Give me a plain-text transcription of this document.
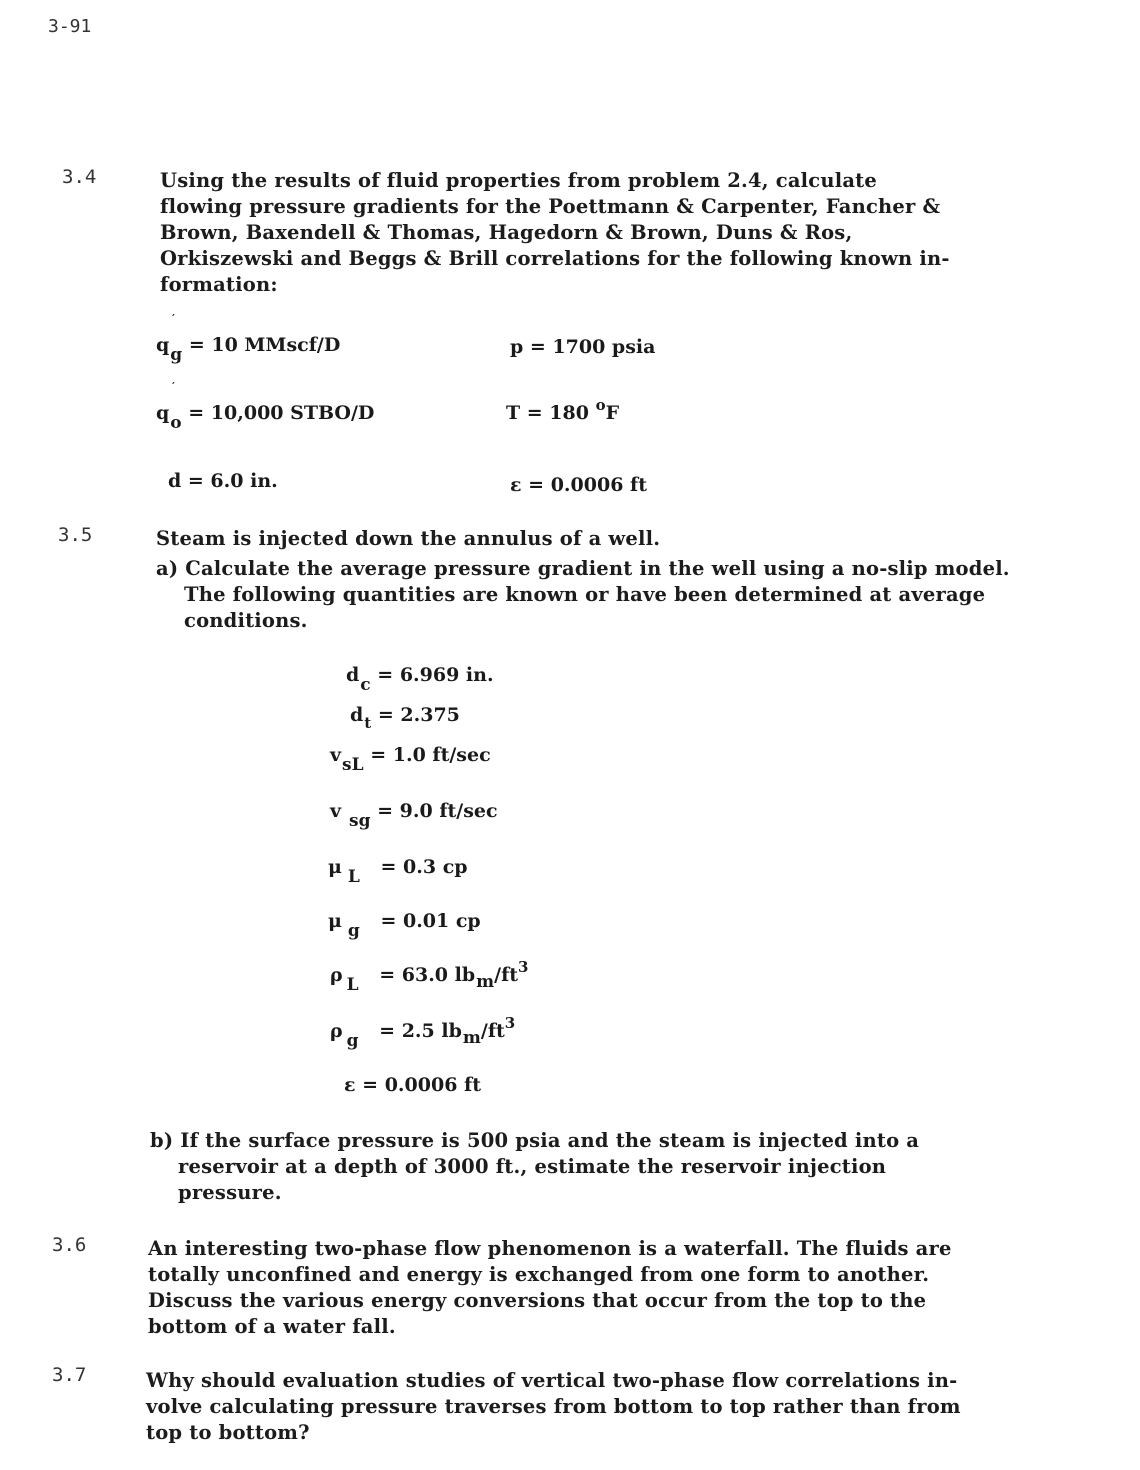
3-91
3.4	Using the results of fluid properties from problem 2.4, calculate
flowing pressure gradients for the Poettmann & Carpenter, Fancher &
Brown, Baxendell & Thomas, Hagedorn & Brown, Duns & Ros,
Orkiszewski and Beggs & Brill correlations for the following known in-
formation:
′
qg = 10 MMscf/D	p = 1700 psia
′
qo = 10,000 STBO/D	T = 180 $^o$F
d = 6.0 in.	ε = 0.0006 ft
3.5	Steam is injected down the annulus of a well.
a) Calculate the average pressure gradient in the well using a no-slip model.
The following quantities are known or have been determined at average
conditions.
dc = 6.969 in.
$d_t = 2.375$
vsL = 1.0 ft/sec
v sg = 9.0 ft/sec
μ L = 0.3 cp
μ g = 0.01 cp
ρ L = 63.0 lbm/$ft^3$
ρ g = 2.5 lbm/$ft^3$
ε = 0.0006 ft
b) If the surface pressure is 500 psia and the steam is injected into a
reservoir at a depth of 3000 ft., estimate the reservoir injection
pressure.
3.6	An interesting two-phase flow phenomenon is a waterfall. The fluids are
totally unconfined and energy is exchanged from one form to another.
Discuss the various energy conversions that occur from the top to the
bottom of a water fall.
3.7	Why should evaluation studies of vertical two-phase flow correlations in-
volve calculating pressure traverses from bottom to top rather than from
top to bottom?
